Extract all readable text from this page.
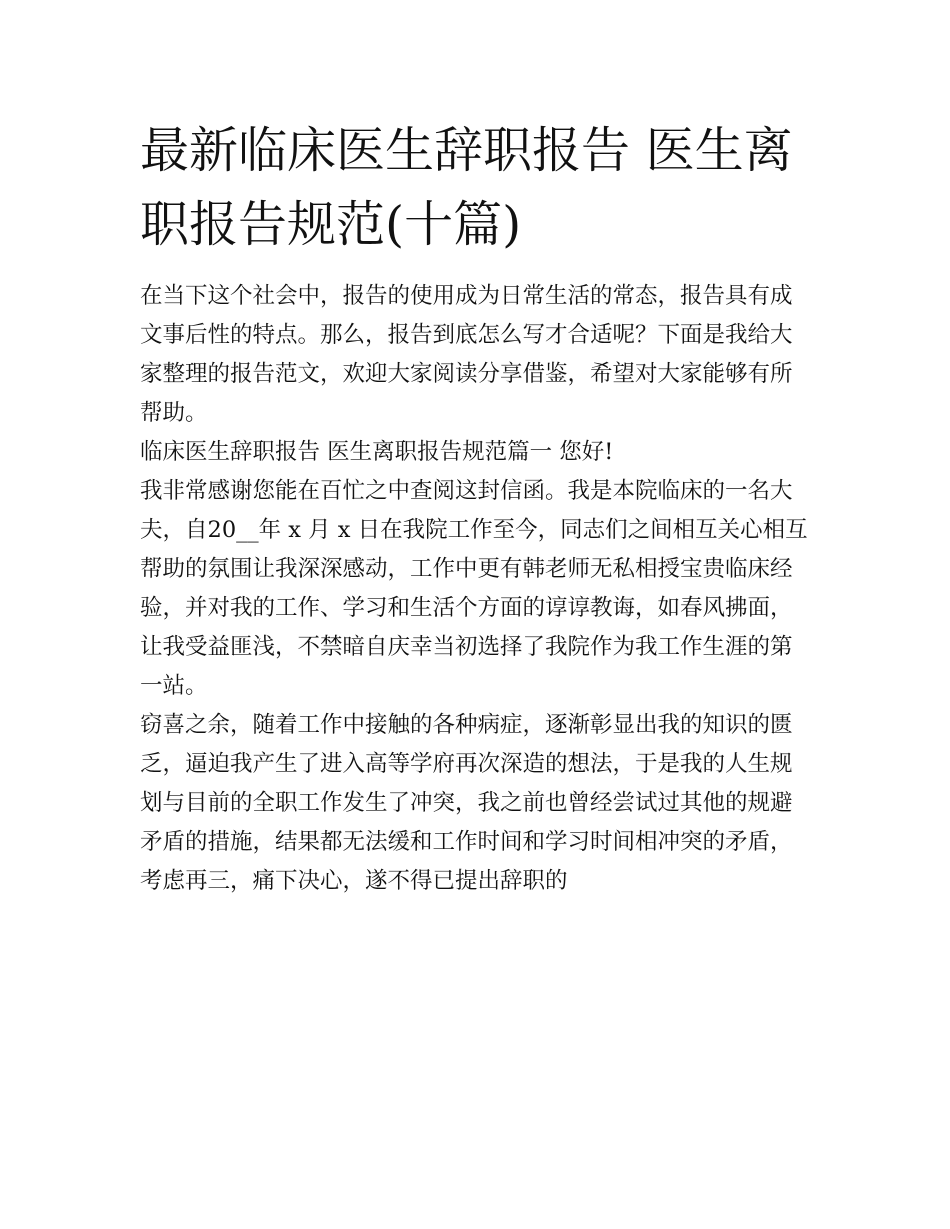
最新临床医生辞职报告 医生离职报告规范(十篇)

在当下这个社会中，报告的使用成为日常生活的常态，报告具有成文事后性的特点。那么，报告到底怎么写才合适呢？下面是我给大家整理的报告范文，欢迎大家阅读分享借鉴，希望对大家能够有所帮助。

临床医生辞职报告 医生离职报告规范篇一 您好!

我非常感谢您能在百忙之中查阅这封信函。我是本院临床的一名大夫，自20__年 x 月 x 日在我院工作至今，同志们之间相互关心相互帮助的氛围让我深深感动，工作中更有韩老师无私相授宝贵临床经验，并对我的工作、学习和生活个方面的谆谆教诲，如春风拂面，让我受益匪浅，不禁暗自庆幸当初选择了我院作为我工作生涯的第一站。

窃喜之余，随着工作中接触的各种病症，逐渐彰显出我的知识的匮乏，逼迫我产生了进入高等学府再次深造的想法，于是我的人生规划与目前的全职工作发生了冲突，我之前也曾经尝试过其他的规避矛盾的措施，结果都无法缓和工作时间和学习时间相冲突的矛盾，考虑再三，痛下决心，遂不得已提出辞职的
